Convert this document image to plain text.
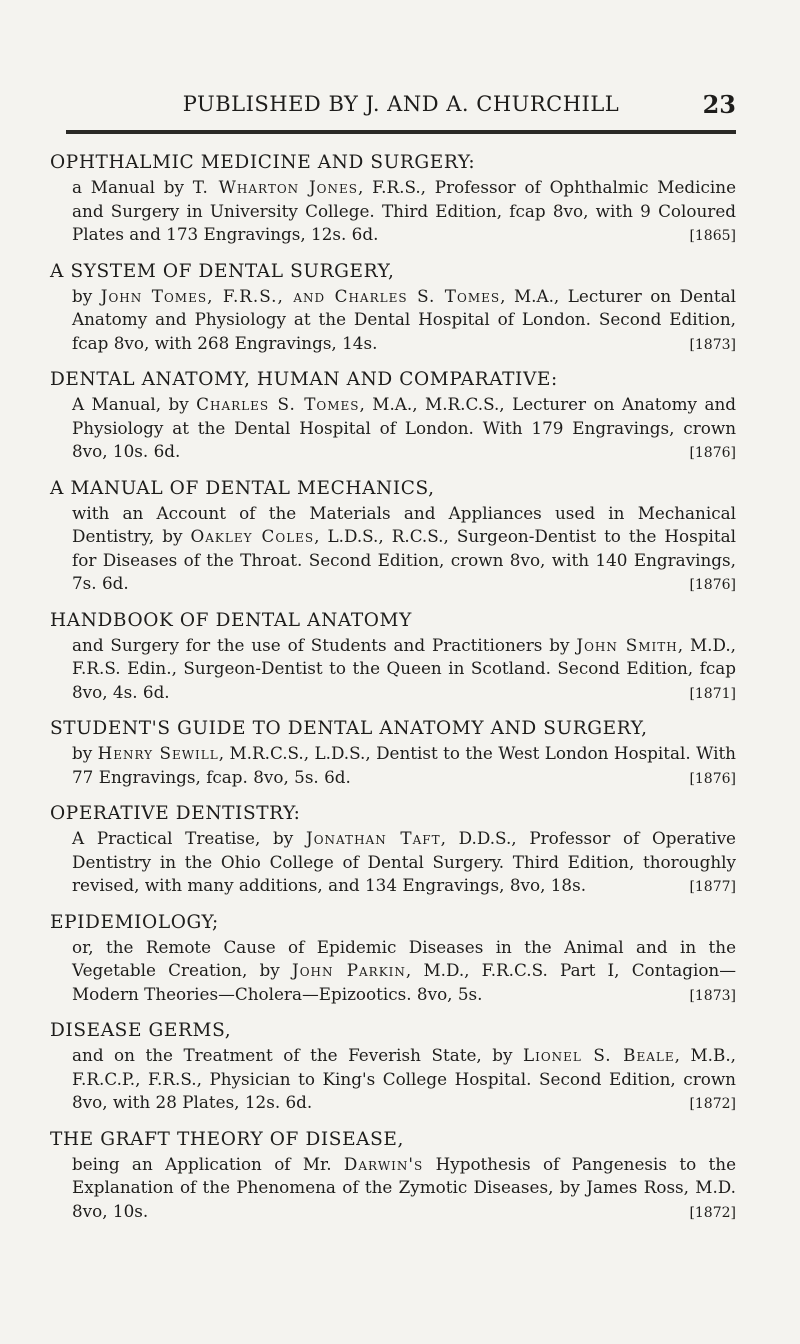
PUBLISHED BY J. AND A. CHURCHILL	23
OPHTHALMIC MEDICINE AND SURGERY:
a Manual by T. Wharton Jones, F.R.S., Professor of Ophthalmic Medicine and Surgery in University College. Third Edition, fcap 8vo, with 9 Coloured Plates and 173 Engravings, 12s. 6d.	[1865]
A SYSTEM OF DENTAL SURGERY,
by John Tomes, F.R.S., and Charles S. Tomes, M.A., Lecturer on Dental Anatomy and Physiology at the Dental Hospital of London. Second Edition, fcap 8vo, with 268 Engravings, 14s.	[1873]
DENTAL ANATOMY, HUMAN AND COMPARATIVE:
A Manual, by Charles S. Tomes, M.A., M.R.C.S., Lecturer on Anatomy and Physiology at the Dental Hospital of London. With 179 Engravings, crown 8vo, 10s. 6d.	[1876]
A MANUAL OF DENTAL MECHANICS,
with an Account of the Materials and Appliances used in Mechanical Dentistry, by Oakley Coles, L.D.S., R.C.S., Surgeon-Dentist to the Hospital for Diseases of the Throat. Second Edition, crown 8vo, with 140 Engravings, 7s. 6d.	[1876]
HANDBOOK OF DENTAL ANATOMY
and Surgery for the use of Students and Practitioners by John Smith, M.D., F.R.S. Edin., Surgeon-Dentist to the Queen in Scotland. Second Edition, fcap 8vo, 4s. 6d.	[1871]
STUDENT'S GUIDE TO DENTAL ANATOMY AND SURGERY,
by Henry Sewill, M.R.C.S., L.D.S., Dentist to the West London Hospital. With 77 Engravings, fcap. 8vo, 5s. 6d.	[1876]
OPERATIVE DENTISTRY:
A Practical Treatise, by Jonathan Taft, D.D.S., Professor of Operative Dentistry in the Ohio College of Dental Surgery. Third Edition, thoroughly revised, with many additions, and 134 Engravings, 8vo, 18s.	[1877]
EPIDEMIOLOGY;
or, the Remote Cause of Epidemic Diseases in the Animal and in the Vegetable Creation, by John Parkin, M.D., F.R.C.S. Part I, Contagion—Modern Theories—Cholera—Epizootics. 8vo, 5s.	[1873]
DISEASE GERMS,
and on the Treatment of the Feverish State, by Lionel S. Beale, M.B., F.R.C.P., F.R.S., Physician to King's College Hospital. Second Edition, crown 8vo, with 28 Plates, 12s. 6d.	[1872]
THE GRAFT THEORY OF DISEASE,
being an Application of Mr. Darwin's Hypothesis of Pangenesis to the Explanation of the Phenomena of the Zymotic Diseases, by James Ross, M.D. 8vo, 10s.	[1872]
